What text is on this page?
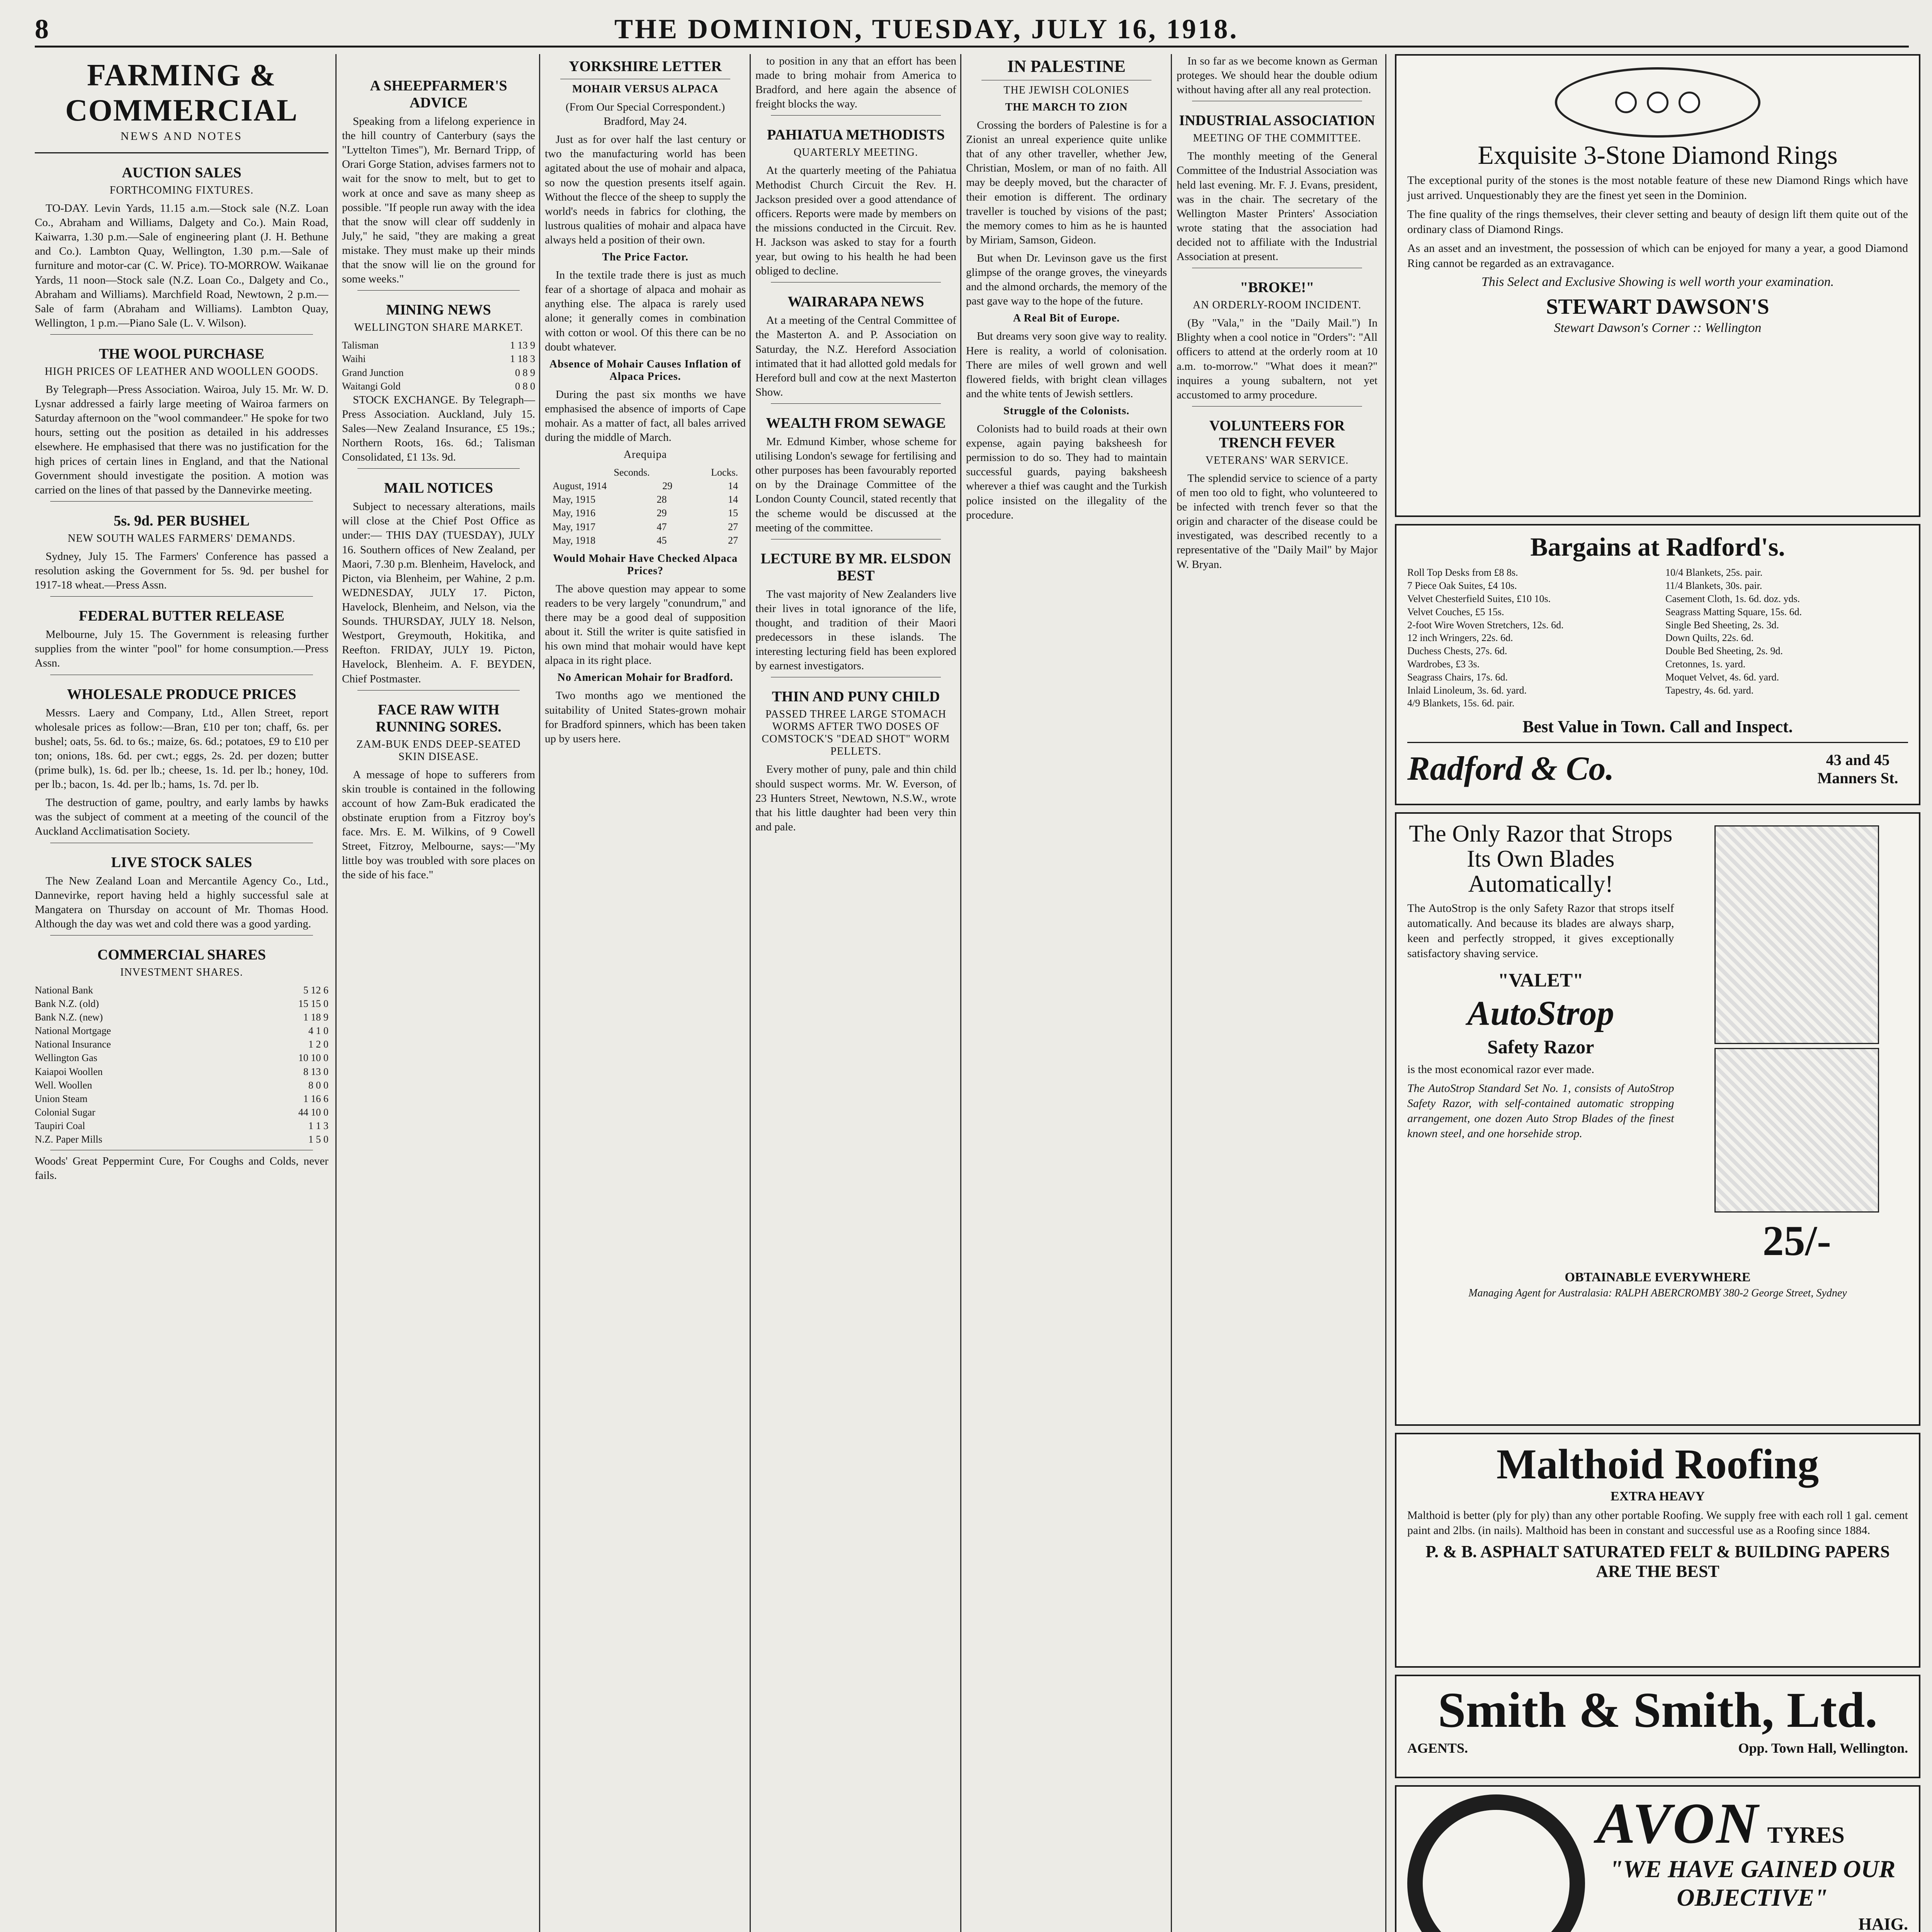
8	THE DOMINION, TUESDAY, JULY 16, 1918.
FARMING & COMMERCIAL
NEWS AND NOTES
AUCTION SALES
FORTHCOMING FIXTURES.

TO-DAY. Levin Yards, 11.15 a.m.—Stock sale (N.Z. Loan Co., Abraham and Williams, Dalgety and Co.). Main Road, Kaiwarra, 1.30 p.m.—Sale of engineering plant (J. H. Bethune and Co.). Lambton Quay, Wellington, 1.30 p.m.—Sale of furniture and motor-car (C. W. Price). TO-MORROW. Waikanae Yards, 11 noon—Stock sale (N.Z. Loan Co., Dalgety and Co., Abraham and Williams). Marchfield Road, Newtown, 2 p.m.—Sale of farm (Abraham and Williams). Lambton Quay, Wellington, 1 p.m.—Piano Sale (L. V. Wilson).

THE WOOL PURCHASE
HIGH PRICES OF LEATHER AND WOOLLEN GOODS.

By Telegraph—Press Association. Wairoa, July 15. Mr. W. D. Lysnar addressed a fairly large meeting of Wairoa farmers on Saturday afternoon on the "wool commandeer." He spoke for two hours, setting out the position as detailed in his addresses elsewhere. He emphasised that there was no justification for the high prices of certain lines in England, and that the National Government should investigate the position. A motion was carried on the lines of that passed by the Dannevirke meeting.

5s. 9d. PER BUSHEL
NEW SOUTH WALES FARMERS' DEMANDS.

Sydney, July 15. The Farmers' Conference has passed a resolution asking the Government for 5s. 9d. per bushel for 1917-18 wheat.—Press Assn.

FEDERAL BUTTER RELEASE

Melbourne, July 15. The Government is releasing further supplies from the winter "pool" for home consumption.—Press Assn.

WHOLESALE PRODUCE PRICES

Messrs. Laery and Company, Ltd., Allen Street, report wholesale prices as follow:—Bran, £10 per ton; chaff, 6s. per bushel; oats, 5s. 6d. to 6s.; maize, 6s. 6d.; potatoes, £9 to £10 per ton; onions, 18s. 6d. per cwt.; eggs, 2s. 2d. per dozen; butter (prime bulk), 1s. 6d. per lb.; cheese, 1s. 1d. per lb.; honey, 10d. per lb.; bacon, 1s. 4d. per lb.; hams, 1s. 7d. per lb.

The destruction of game, poultry, and early lambs by hawks was the subject of comment at a meeting of the council of the Auckland Acclimatisation Society.

LIVE STOCK SALES

The New Zealand Loan and Mercantile Agency Co., Ltd., Dannevirke, report having held a highly successful sale at Mangatera on Thursday on account of Mr. Thomas Hood. Although the day was wet and cold there was a good yarding.

COMMERCIAL SHARES
INVESTMENT SHARES.
National Bank	5 12 6
Bank N.Z. (old)	15 15 0
Bank N.Z. (new)	1 18 9
National Mortgage	4 1 0
National Insurance	1 2 0
Wellington Gas	10 10 0
Kaiapoi Woollen	8 13 0
Well. Woollen	8 0 0
Union Steam	1 16 6
Colonial Sugar	44 10 0
Taupiri Coal	1 1 3
N.Z. Paper Mills	1 5 0

Woods' Great Peppermint Cure, For Coughs and Colds, never fails.

A SHEEPFARMER'S ADVICE

Speaking from a lifelong experience in the hill country of Canterbury (says the "Lyttelton Times"), Mr. Bernard Tripp, of Orari Gorge Station, advises farmers not to wait for the snow to melt, but to get to work at once and save as many sheep as possible. "If people run away with the idea that the snow will clear off suddenly in July," he said, "they are making a great mistake. They must make up their minds that the snow will lie on the ground for some weeks."

MINING NEWS
WELLINGTON SHARE MARKET.
Talisman	1 13 9
Waihi	1 18 3
Grand Junction	0 8 9
Waitangi Gold	0 8 0

STOCK EXCHANGE. By Telegraph—Press Association. Auckland, July 15. Sales—New Zealand Insurance, £5 19s.; Northern Roots, 16s. 6d.; Talisman Consolidated, £1 13s. 9d.

MAIL NOTICES

Subject to necessary alterations, mails will close at the Chief Post Office as under:— THIS DAY (TUESDAY), JULY 16. Southern offices of New Zealand, per Maori, 7.30 p.m. Blenheim, Havelock, and Picton, via Blenheim, per Wahine, 2 p.m. WEDNESDAY, JULY 17. Picton, Havelock, Blenheim, and Nelson, via the Sounds. THURSDAY, JULY 18. Nelson, Westport, Greymouth, Hokitika, and Reefton. FRIDAY, JULY 19. Picton, Havelock, Blenheim. A. F. BEYDEN, Chief Postmaster.

FACE RAW WITH RUNNING SORES.
ZAM-BUK ENDS DEEP-SEATED SKIN DISEASE.

A message of hope to sufferers from skin trouble is contained in the following account of how Zam-Buk eradicated the obstinate eruption from a Fitzroy boy's face. Mrs. E. M. Wilkins, of 9 Cowell Street, Fitzroy, Melbourne, says:—"My little boy was troubled with sore places on the side of his face."

YORKSHIRE LETTER
MOHAIR VERSUS ALPACA

(From Our Special Correspondent.) Bradford, May 24.

Just as for over half the last century or two the manufacturing world has been agitated about the use of mohair and alpaca, so now the question presents itself again. Without the flecce of the sheep to supply the world's needs in fabrics for clothing, the lustrous qualities of mohair and alpaca have always held a position of their own.

The Price Factor.

In the textile trade there is just as much fear of a shortage of alpaca and mohair as anything else. The alpaca is rarely used alone; it generally comes in combination with cotton or wool. Of this there can be no doubt whatever.

Absence of Mohair Causes Inflation of Alpaca Prices.

During the past six months we have emphasised the absence of imports of Cape mohair. As a matter of fact, all bales arrived during the middle of March.

Arequipa
Seconds.	Locks.
August, 1914	29	14
May, 1915	28	14
May, 1916	29	15
May, 1917	47	27
May, 1918	45	27
Would Mohair Have Checked Alpaca Prices?

The above question may appear to some readers to be very largely "conundrum," and there may be a good deal of supposition about it. Still the writer is quite satisfied in his own mind that mohair would have kept alpaca in its right place.

No American Mohair for Bradford.

Two months ago we mentioned the suitability of United States-grown mohair for Bradford spinners, which has been taken up by users here.

to position in any that an effort has been made to bring mohair from America to Bradford, and here again the absence of freight blocks the way.

PAHIATUA METHODISTS
QUARTERLY MEETING.

At the quarterly meeting of the Pahiatua Methodist Church Circuit the Rev. H. Jackson presided over a good attendance of officers. Reports were made by members on the missions conducted in the Circuit. Rev. H. Jackson was asked to stay for a fourth year, but owing to his health he had been obliged to decline.

WAIRARAPA NEWS

At a meeting of the Central Committee of the Masterton A. and P. Association on Saturday, the N.Z. Hereford Association intimated that it had allotted gold medals for Hereford bull and cow at the next Masterton Show.

WEALTH FROM SEWAGE

Mr. Edmund Kimber, whose scheme for utilising London's sewage for fertilising and other purposes has been favourably reported on by the Drainage Committee of the London County Council, stated recently that the scheme would be discussed at the meeting of the committee.

LECTURE BY MR. ELSDON BEST

The vast majority of New Zealanders live their lives in total ignorance of the life, thought, and tradition of their Maori predecessors in these islands. The interesting lecturing field has been explored by earnest investigators.

THIN AND PUNY CHILD
PASSED THREE LARGE STOMACH WORMS AFTER TWO DOSES OF COMSTOCK'S "DEAD SHOT" WORM PELLETS.

Every mother of puny, pale and thin child should suspect worms. Mr. W. Everson, of 23 Hunters Street, Newtown, N.S.W., wrote that his little daughter had been very thin and pale.

IN PALESTINE
THE JEWISH COLONIES
THE MARCH TO ZION

Crossing the borders of Palestine is for a Zionist an unreal experience quite unlike that of any other traveller, whether Jew, Christian, Moslem, or man of no faith. All may be deeply moved, but the character of their emotion is different. The ordinary traveller is touched by visions of the past; the memory comes to him as he is haunted by Miriam, Samson, Gideon.

But when Dr. Levinson gave us the first glimpse of the orange groves, the vineyards and the almond orchards, the memory of the past gave way to the hope of the future.

A Real Bit of Europe.

But dreams very soon give way to reality. Here is reality, a world of colonisation. There are miles of well grown and well flowered fields, with bright clean villages and the white tents of Jewish settlers.

Struggle of the Colonists.

Colonists had to build roads at their own expense, again paying baksheesh for permission to do so. They had to maintain successful guards, paying baksheesh wherever a thief was caught and the Turkish police insisted on the illegality of the procedure.

In so far as we become known as German proteges. We should hear the double odium without having after all any real protection.

INDUSTRIAL ASSOCIATION
MEETING OF THE COMMITTEE.

The monthly meeting of the General Committee of the Industrial Association was held last evening. Mr. F. J. Evans, president, was in the chair. The secretary of the Wellington Master Printers' Association wrote stating that the association had decided not to affiliate with the Industrial Association at present.

"BROKE!"
AN ORDERLY-ROOM INCIDENT.

(By "Vala," in the "Daily Mail.") In Blighty when a cool notice in "Orders": "All officers to attend at the orderly room at 10 a.m. to-morrow." "What does it mean?" inquires a young subaltern, not yet accustomed to army procedure.

VOLUNTEERS FOR TRENCH FEVER
VETERANS' WAR SERVICE.

The splendid service to science of a party of men too old to fight, who volunteered to be infected with trench fever so that the origin and character of the disease could be investigated, was described recently to a representative of the "Daily Mail" by Major W. Bryan.

Exquisite 3-Stone Diamond Rings

The exceptional purity of the stones is the most notable feature of these new Diamond Rings which have just arrived. Unquestionably they are the finest yet seen in the Dominion.

The fine quality of the rings themselves, their clever setting and beauty of design lift them quite out of the ordinary class of Diamond Rings.

As an asset and an investment, the possession of which can be enjoyed for many a year, a good Diamond Ring cannot be regarded as an extravagance.

This Select and Exclusive Showing is well worth your examination.

STEWART DAWSON'S

Stewart Dawson's Corner :: Wellington

Bargains at Radford's.
Roll Top Desks from £8 8s.
7 Piece Oak Suites, £4 10s.
Velvet Chesterfield Suites, £10 10s.
Velvet Couches, £5 15s.
2-foot Wire Woven Stretchers, 12s. 6d.
12 inch Wringers, 22s. 6d.
Duchess Chests, 27s. 6d.
Wardrobes, £3 3s.
Seagrass Chairs, 17s. 6d.
Inlaid Linoleum, 3s. 6d. yard.
4/9 Blankets, 15s. 6d. pair.
10/4 Blankets, 25s. pair.
11/4 Blankets, 30s. pair.
Casement Cloth, 1s. 6d. doz. yds.
Seagrass Matting Square, 15s. 6d.
Single Bed Sheeting, 2s. 3d.
Down Quilts, 22s. 6d.
Double Bed Sheeting, 2s. 9d.
Cretonnes, 1s. yard.
Moquet Velvet, 4s. 6d. yard.
Tapestry, 4s. 6d. yard.
Best Value in Town. Call and Inspect.
Radford & Co.	43 and 45 Manners St.
The Only Razor that Strops Its Own Blades Automatically!

The AutoStrop is the only Safety Razor that strops itself automatically. And because its blades are always sharp, keen and perfectly stropped, it gives exceptionally satisfactory shaving service.

"VALET"
AutoStrop
Safety Razor

is the most economical razor ever made.

The AutoStrop Standard Set No. 1, consists of AutoStrop Safety Razor, with self-contained automatic stropping arrangement, one dozen Auto Strop Blades of the finest known steel, and one horsehide strop.

25/-
OBTAINABLE EVERYWHERE
Managing Agent for Australasia: RALPH ABERCROMBY 380-2 George Street, Sydney
Malthoid Roofing
EXTRA HEAVY

Malthoid is better (ply for ply) than any other portable Roofing. We supply free with each roll 1 gal. cement paint and 2lbs. (in nails). Malthoid has been in constant and successful use as a Roofing since 1884.

P. & B. ASPHALT SATURATED FELT & BUILDING PAPERS ARE THE BEST
Smith & Smith, Ltd.
AGENTS.	Opp. Town Hall, Wellington.
AVON TYRES
"WE HAVE GAINED OUR OBJECTIVE"
HAIG.
